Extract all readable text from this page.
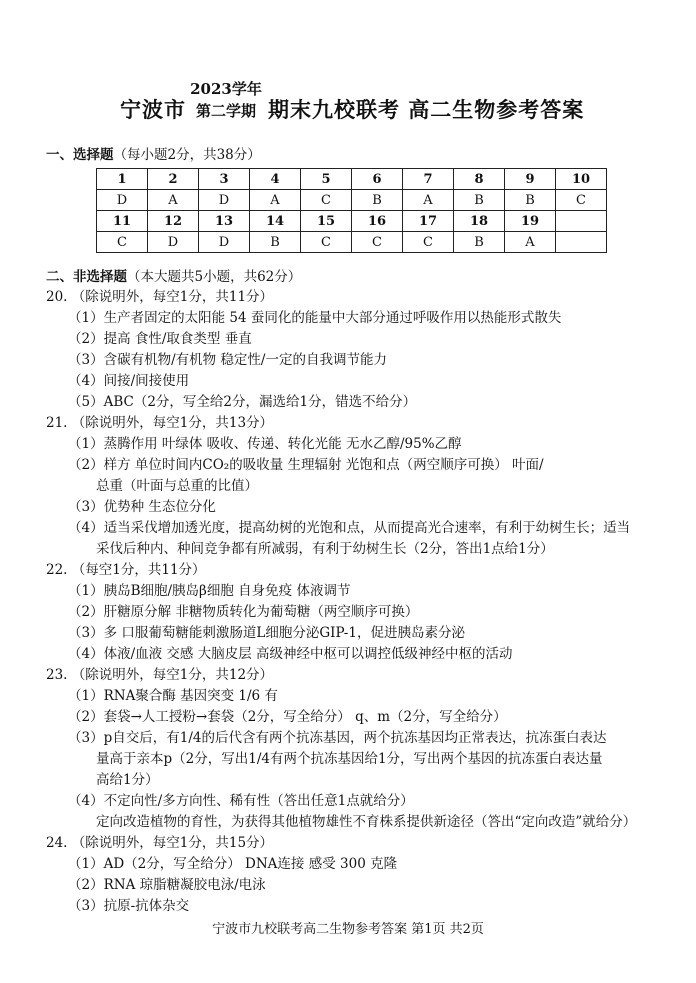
宁波市
2023学年
第二学期 期末九校联考 高二生物参考答案
一、选择题（每小题2分，共38分）
1	2	3	4	5	6	7	8	9	10
D	A	D	A	C	B	A	B	B	C
11	12	13	14	15	16	17	18	19	
C	D	D	B	C	C	C	B	A	
二、非选择题（本大题共5小题，共62分）
20. （除说明外，每空1分，共11分）
（1）生产者固定的太阳能 54 蚕同化的能量中大部分通过呼吸作用以热能形式散失
（2）提高 食性/取食类型 垂直
（3）含碳有机物/有机物 稳定性/一定的自我调节能力
（4）间接/间接使用
（5）ABC（2分，写全给2分，漏选给1分，错选不给分）
21. （除说明外，每空1分，共13分）
（1）蒸腾作用 叶绿体 吸收、传递、转化光能 无水乙醇/95%乙醇
（2）样方 单位时间内CO₂的吸收量 生理辐射 光饱和点（两空顺序可换） 叶面/
总重（叶面与总重的比值）
（3）优势种 生态位分化
（4）适当采伐增加透光度，提高幼树的光饱和点，从而提高光合速率，有利于幼树生长；适当
采伐后种内、种间竞争都有所减弱，有利于幼树生长（2分，答出1点给1分）
22. （每空1分，共11分）
（1）胰岛B细胞/胰岛β细胞 自身免疫 体液调节
（2）肝糖原分解 非糖物质转化为葡萄糖（两空顺序可换）
（3）多 口服葡萄糖能刺激肠道L细胞分泌GIP-1，促进胰岛素分泌
（4）体液/血液 交感 大脑皮层 高级神经中枢可以调控低级神经中枢的活动
23. （除说明外，每空1分，共12分）
（1）RNA聚合酶 基因突变 1/6 有
（2）套袋→人工授粉→套袋（2分，写全给分） q、m（2分，写全给分）
（3）p自交后，有1/4的后代含有两个抗冻基因，两个抗冻基因均正常表达，抗冻蛋白表达
量高于亲本p（2分，写出1/4有两个抗冻基因给1分，写出两个基因的抗冻蛋白表达量
高给1分）
（4）不定向性/多方向性、稀有性（答出任意1点就给分）
定向改造植物的育性，为获得其他植物雄性不育株系提供新途径（答出“定向改造”就给分）
24. （除说明外，每空1分，共15分）
（1）AD（2分，写全给分） DNA连接 感受 300 克隆
（2）RNA 琼脂糖凝胶电泳/电泳
（3）抗原-抗体杂交
宁波市九校联考高二生物参考答案 第1页 共2页
